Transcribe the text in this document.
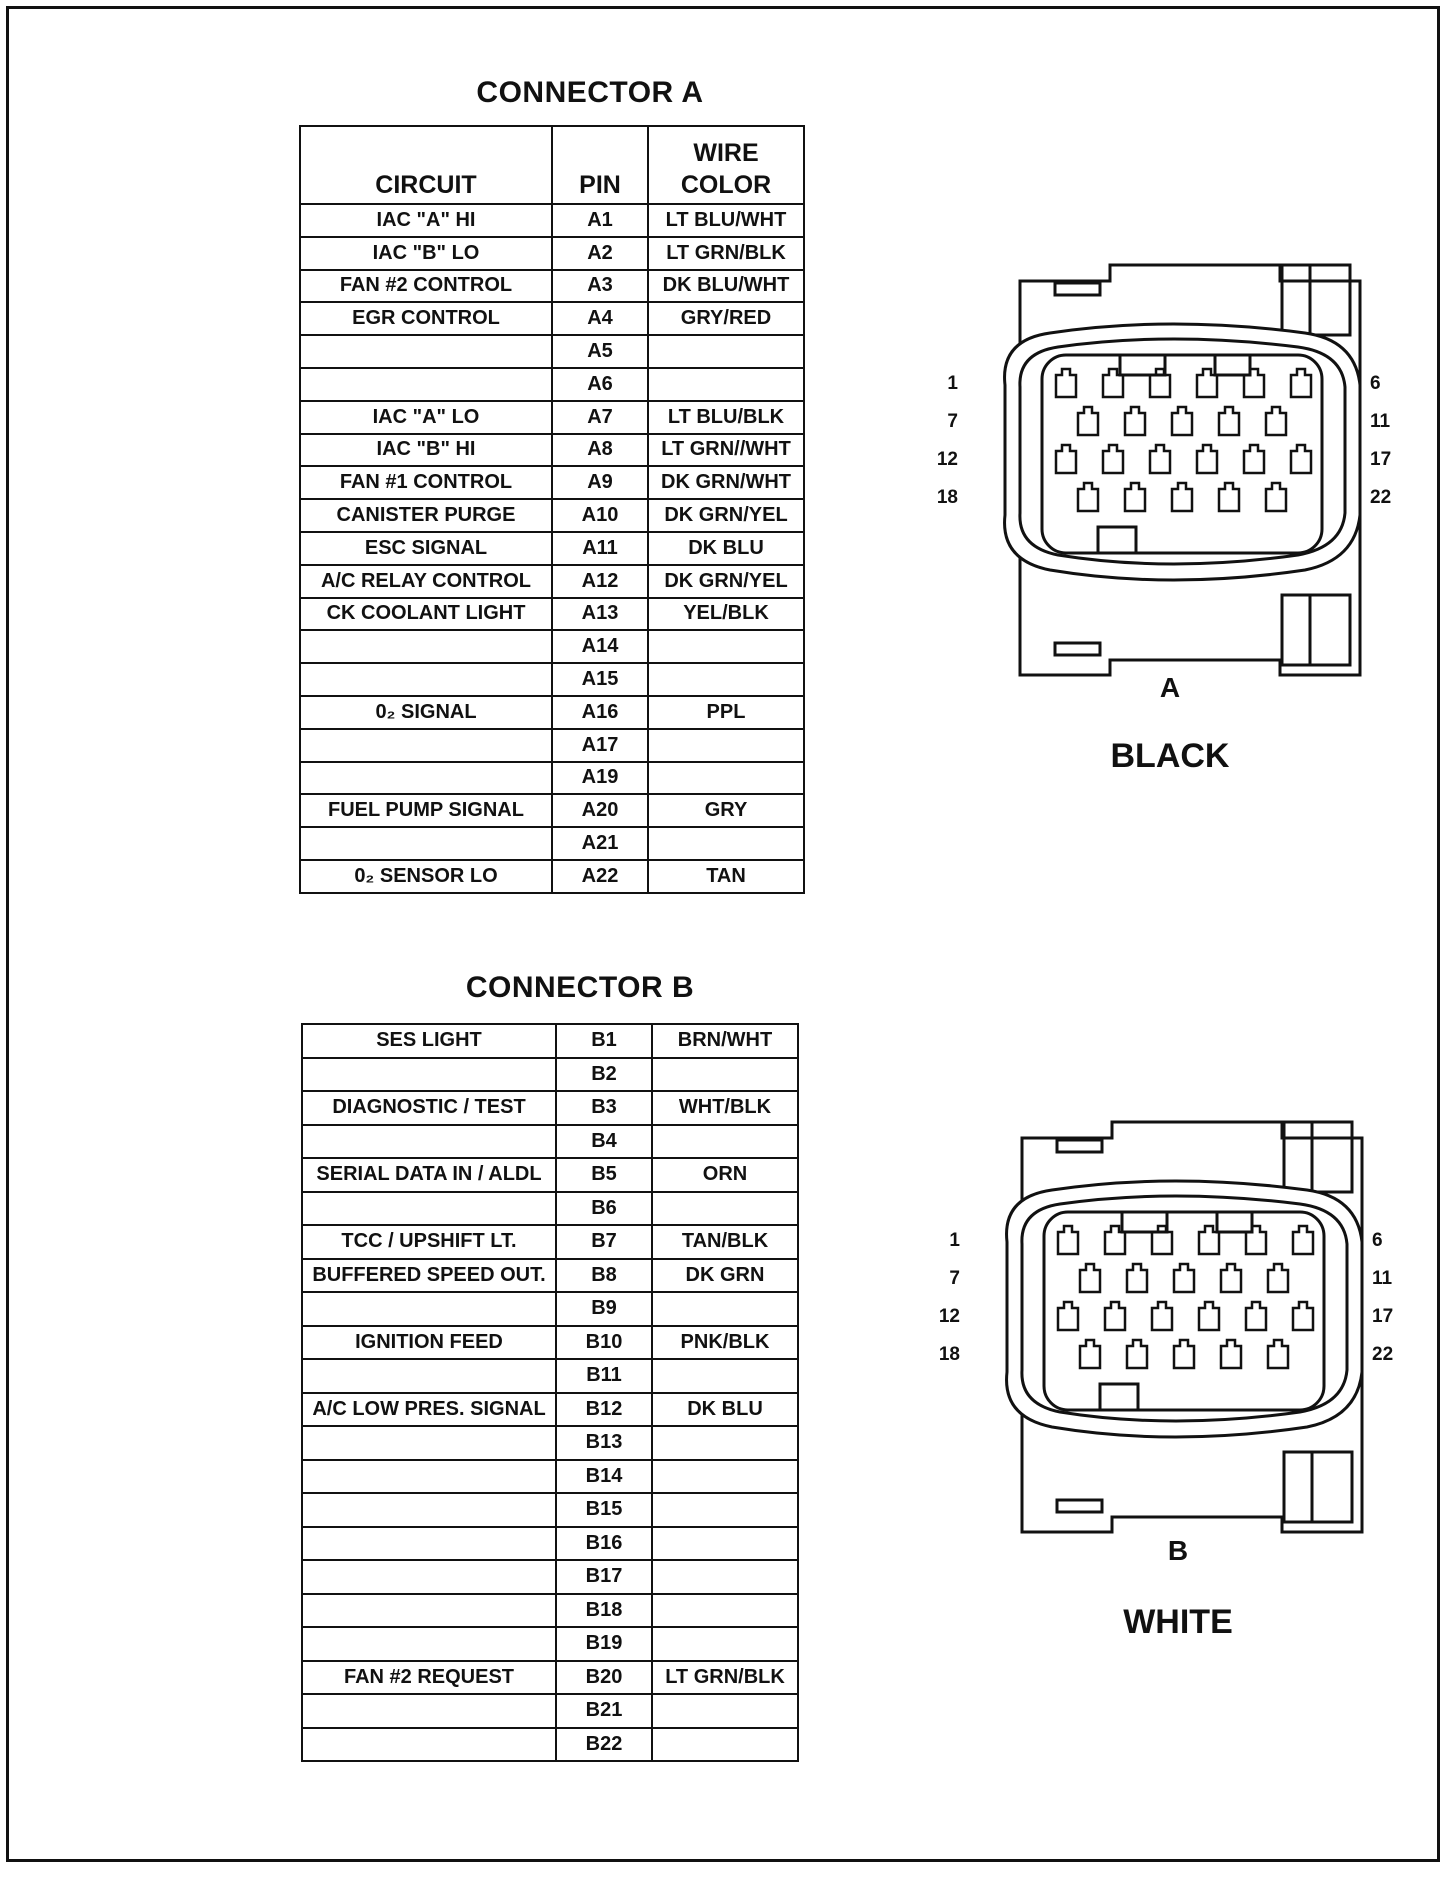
CONNECTOR A
CIRCUIT	PIN	WIRE COLOR
IAC "A" HI	A1	LT BLU/WHT
IAC "B" LO	A2	LT GRN/BLK
FAN #2 CONTROL	A3	DK BLU/WHT
EGR CONTROL	A4	GRY/RED
	A5	
	A6	
IAC "A" LO	A7	LT BLU/BLK
IAC "B" HI	A8	LT GRN//WHT
FAN #1 CONTROL	A9	DK GRN/WHT
CANISTER PURGE	A10	DK GRN/YEL
ESC SIGNAL	A11	DK BLU
A/C RELAY CONTROL	A12	DK GRN/YEL
CK COOLANT LIGHT	A13	YEL/BLK
	A14	
	A15	
0₂ SIGNAL	A16	PPL
	A17	
	A19	
FUEL PUMP SIGNAL	A20	GRY
	A21	
0₂ SENSOR LO	A22	TAN
CONNECTOR B
SES LIGHT	B1	BRN/WHT
	B2	
DIAGNOSTIC / TEST	B3	WHT/BLK
	B4	
SERIAL DATA IN / ALDL	B5	ORN
	B6	
TCC / UPSHIFT LT.	B7	TAN/BLK
BUFFERED SPEED OUT.	B8	DK GRN
	B9	
IGNITION FEED	B10	PNK/BLK
	B11	
A/C LOW PRES. SIGNAL	B12	DK BLU
	B13	
	B14	
	B15	
	B16	
	B17	
	B18	
	B19	
FAN #2 REQUEST	B20	LT GRN/BLK
	B21	
	B22	
A
BLACK
B
WHITE
1
7
12
18
6
11
17
22
1
7
12
18
6
11
17
22
